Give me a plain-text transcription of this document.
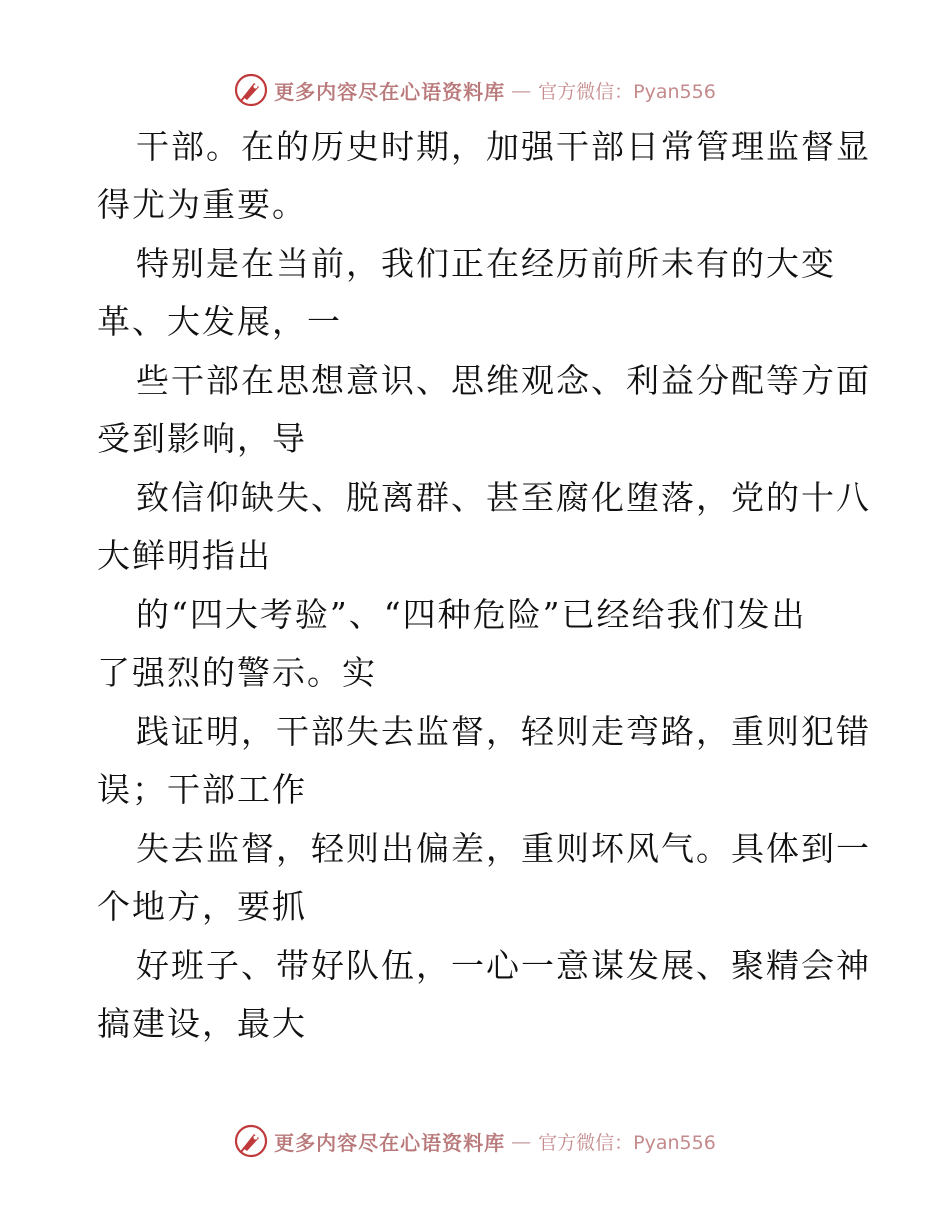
更多内容尽在心语资料库 — 官方微信：Pyan556
干部。在的历史时期，加强干部日常管理监督显
得尤为重要。
特别是在当前，我们正在经历前所未有的大变
革、大发展，一
些干部在思想意识、思维观念、利益分配等方面
受到影响，导
致信仰缺失、脱离群、甚至腐化堕落，党的十八
大鲜明指出
的“四大考验”、“四种危险”已经给我们发出
了强烈的警示。实
践证明，干部失去监督，轻则走弯路，重则犯错
误；干部工作
失去监督，轻则出偏差，重则坏风气。具体到一
个地方，要抓
好班子、带好队伍，一心一意谋发展、聚精会神
搞建设，最大
更多内容尽在心语资料库 — 官方微信：Pyan556
